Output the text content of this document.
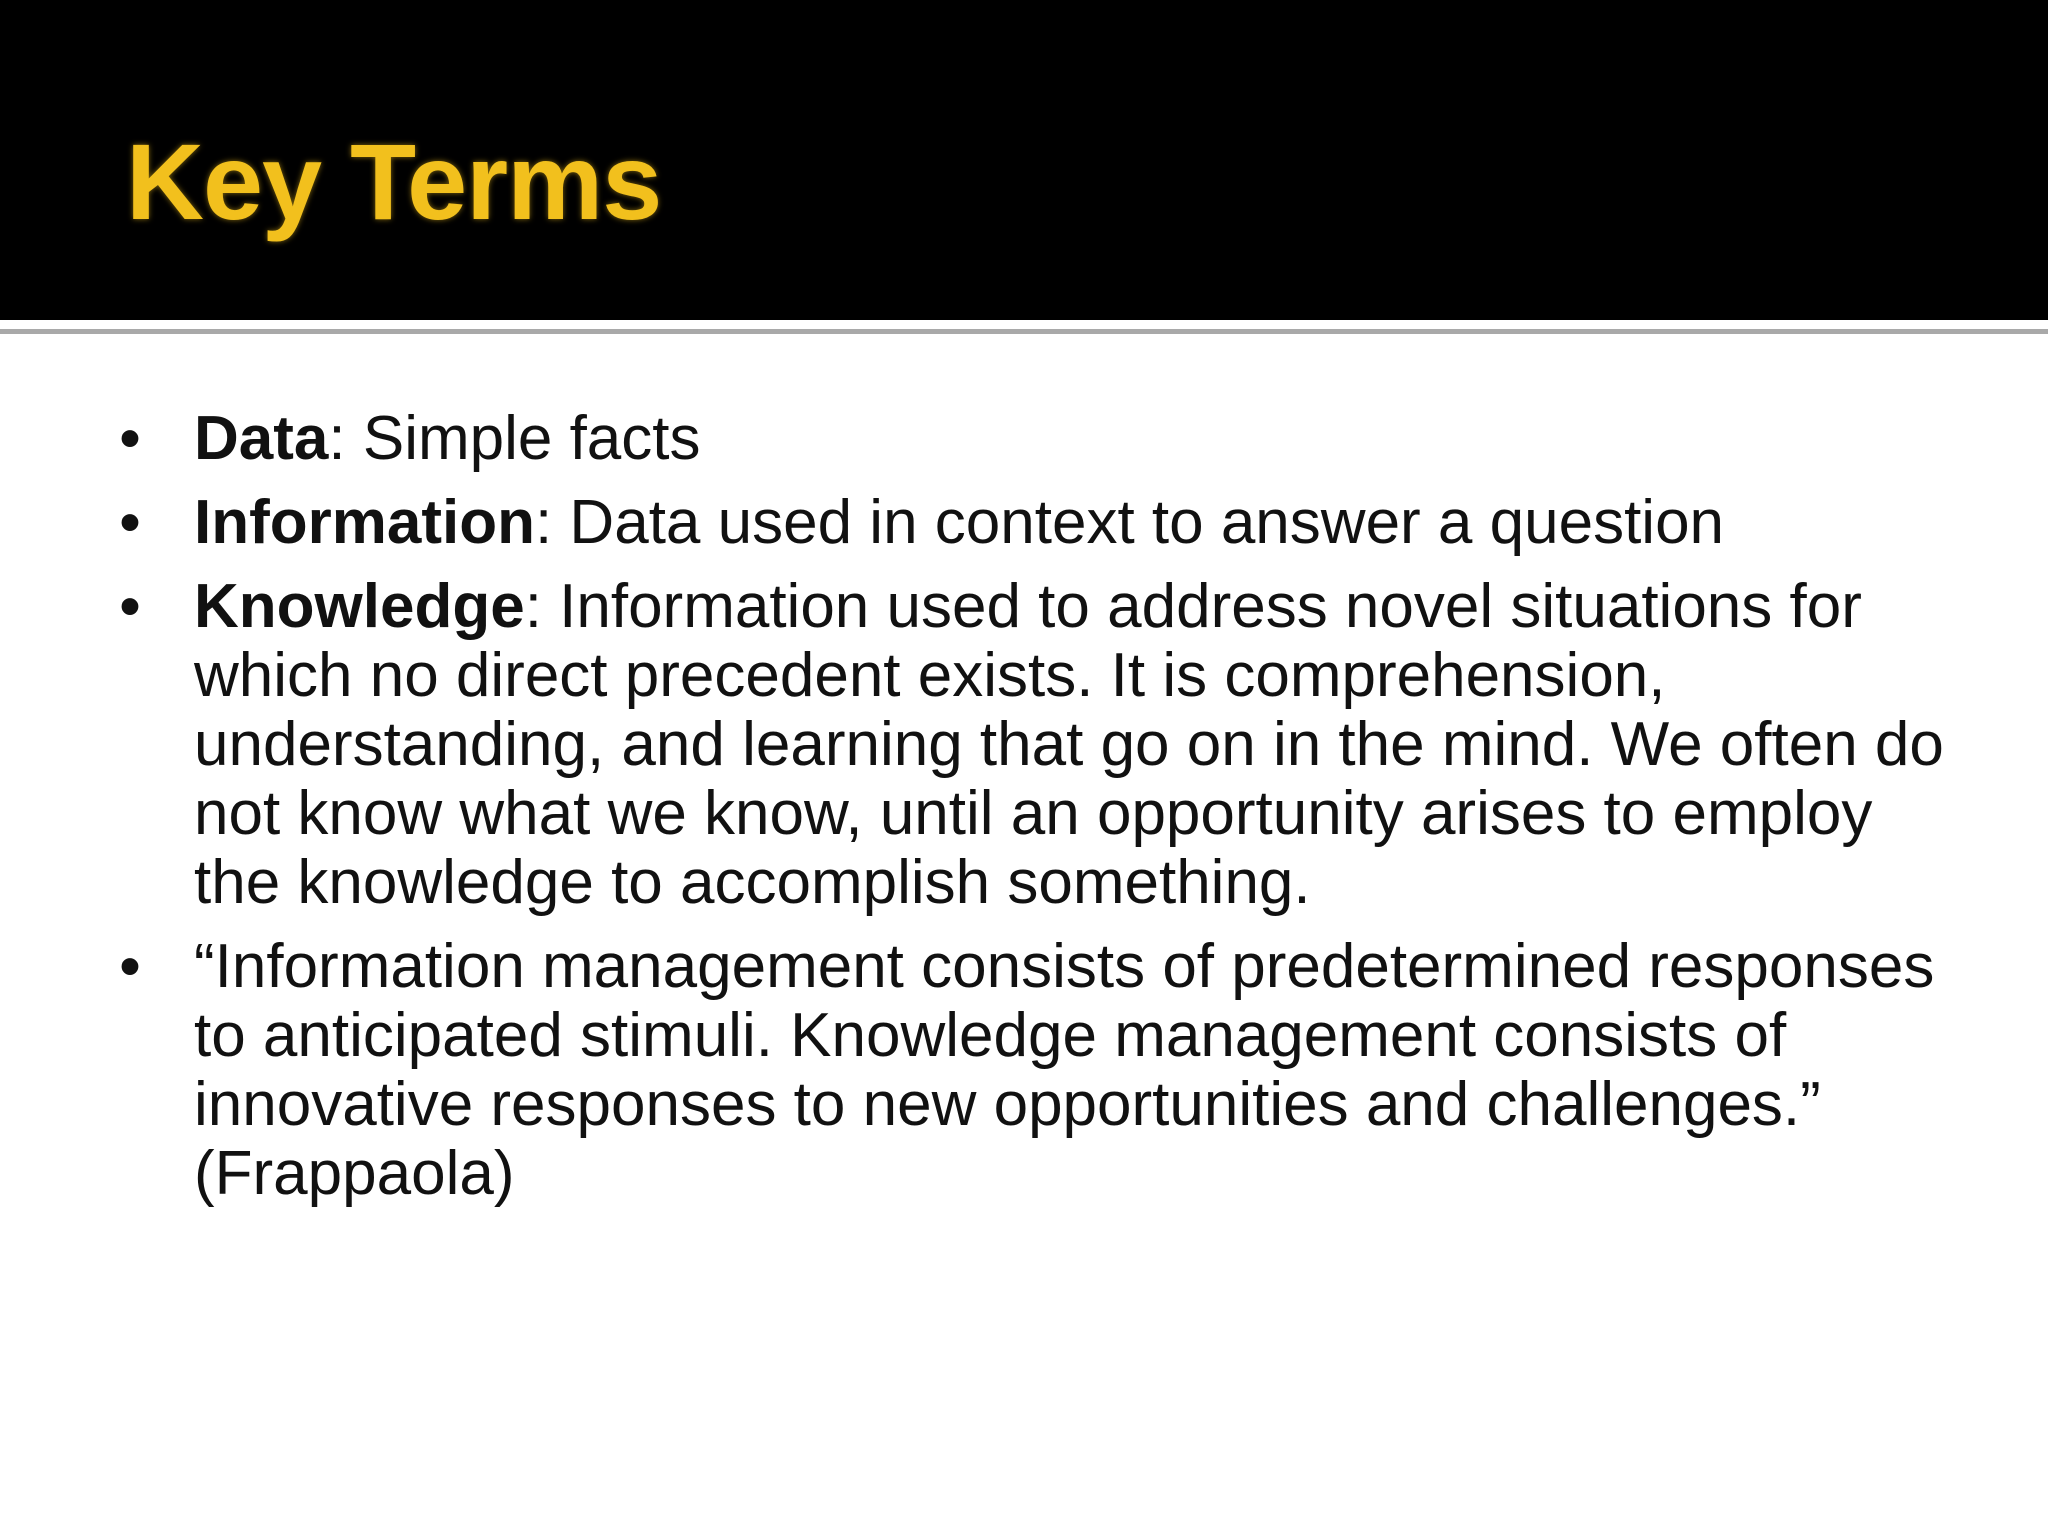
Key Terms
• Data: Simple facts
• Information: Data used in context to answer a question
• Knowledge: Information used to address novel situations for which no direct precedent exists. It is comprehension, understanding, and learning that go on in the mind. We often do not know what we know, until an opportunity arises to employ the knowledge to accomplish something.
• “Information management consists of predetermined responses to anticipated stimuli. Knowledge management consists of innovative responses to new opportunities and challenges.” (Frappaola)
